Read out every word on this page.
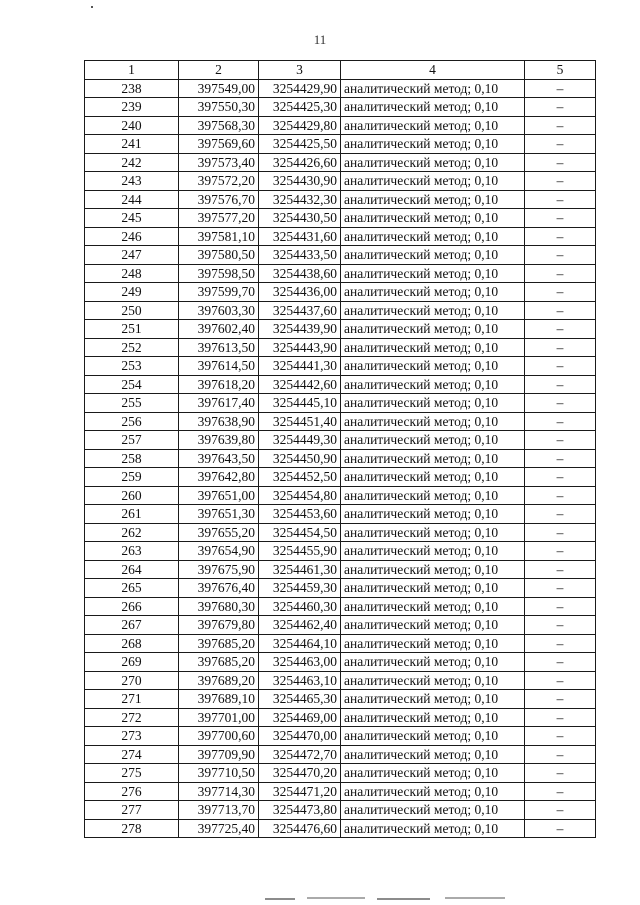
11
1	2	3	4	5
238	397549,00	3254429,90	аналитический метод; 0,10	–
239	397550,30	3254425,30	аналитический метод; 0,10	–
240	397568,30	3254429,80	аналитический метод; 0,10	–
241	397569,60	3254425,50	аналитический метод; 0,10	–
242	397573,40	3254426,60	аналитический метод; 0,10	–
243	397572,20	3254430,90	аналитический метод; 0,10	–
244	397576,70	3254432,30	аналитический метод; 0,10	–
245	397577,20	3254430,50	аналитический метод; 0,10	–
246	397581,10	3254431,60	аналитический метод; 0,10	–
247	397580,50	3254433,50	аналитический метод; 0,10	–
248	397598,50	3254438,60	аналитический метод; 0,10	–
249	397599,70	3254436,00	аналитический метод; 0,10	–
250	397603,30	3254437,60	аналитический метод; 0,10	–
251	397602,40	3254439,90	аналитический метод; 0,10	–
252	397613,50	3254443,90	аналитический метод; 0,10	–
253	397614,50	3254441,30	аналитический метод; 0,10	–
254	397618,20	3254442,60	аналитический метод; 0,10	–
255	397617,40	3254445,10	аналитический метод; 0,10	–
256	397638,90	3254451,40	аналитический метод; 0,10	–
257	397639,80	3254449,30	аналитический метод; 0,10	–
258	397643,50	3254450,90	аналитический метод; 0,10	–
259	397642,80	3254452,50	аналитический метод; 0,10	–
260	397651,00	3254454,80	аналитический метод; 0,10	–
261	397651,30	3254453,60	аналитический метод; 0,10	–
262	397655,20	3254454,50	аналитический метод; 0,10	–
263	397654,90	3254455,90	аналитический метод; 0,10	–
264	397675,90	3254461,30	аналитический метод; 0,10	–
265	397676,40	3254459,30	аналитический метод; 0,10	–
266	397680,30	3254460,30	аналитический метод; 0,10	–
267	397679,80	3254462,40	аналитический метод; 0,10	–
268	397685,20	3254464,10	аналитический метод; 0,10	–
269	397685,20	3254463,00	аналитический метод; 0,10	–
270	397689,20	3254463,10	аналитический метод; 0,10	–
271	397689,10	3254465,30	аналитический метод; 0,10	–
272	397701,00	3254469,00	аналитический метод; 0,10	–
273	397700,60	3254470,00	аналитический метод; 0,10	–
274	397709,90	3254472,70	аналитический метод; 0,10	–
275	397710,50	3254470,20	аналитический метод; 0,10	–
276	397714,30	3254471,20	аналитический метод; 0,10	–
277	397713,70	3254473,80	аналитический метод; 0,10	–
278	397725,40	3254476,60	аналитический метод; 0,10	–
